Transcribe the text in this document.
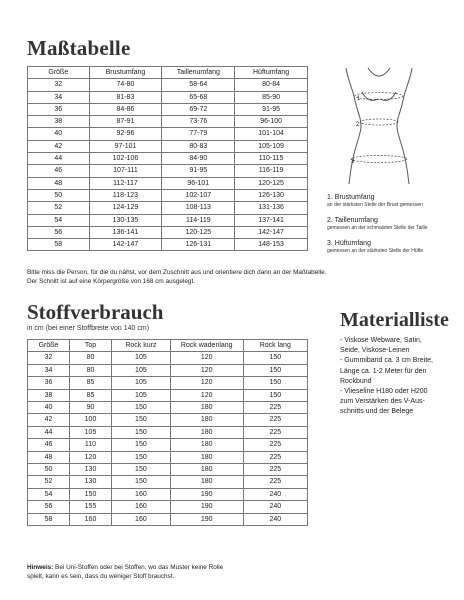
Maßtabelle
Größe	Brustumfang	Taillenumfang	Hüftumfang
32	74-80	58-64	80-84
34	81-83	65-68	85-90
36	84-86	69-72	91-95
38	87-91	73-76	96-100
40	92-96	77-79	101-104
42	97-101	80-83	105-109
44	102-106	84-90	110-115
46	107-111	91-95	116-119
48	112-117	96-101	120-125
50	118-123	102-107	126-130
52	124-129	108-113	131-136
54	130-135	114-119	137-141
56	136-141	120-125	142-147
58	142-147	126-131	148-153
1
2
3
1. Brustumfang
an der stärksten Stelle der Brust gemessen
2. Taillenumfang
gemessen an der schmalsten Stelle der Taille
3. Hüftumfang
gemessen an der stärksten Stelle der Hüfte
Bitte miss die Person, für die du nähst, vor dem Zuschnitt aus und orientiere dich dann an der Maßtabelle.
Der Schnitt ist auf eine Körpergröße von 168 cm ausgelegt.
Stoffverbrauch
in cm (bei einer Stoffbreite von 140 cm)
Größe	Top	Rock kurz	Rock wadenlang	Rock lang
32	80	105	120	150
34	80	105	120	150
36	85	105	120	150
38	85	105	120	150
40	90	150	180	225
42	100	150	180	225
44	105	150	180	225
46	110	150	180	225
48	120	150	180	225
50	130	150	180	225
52	130	150	180	225
54	150	160	190	240
56	155	160	190	240
58	160	160	190	240
Materialliste
- Viskose Webware, Satin,
Seide, Viskose-Leinen
- Gummiband ca. 3 cm Breite,
Länge ca. 1-2 Meter für den
Rockbund
- Vlieseline H180 oder H200
zum Verstärken des V-Aus-
schnitts und der Belege
Hinweis: Bei Uni-Stoffen oder bei Stoffen, wo das Muster keine Rolle
spielt, kann es sein, dass du weniger Stoff brauchst.
